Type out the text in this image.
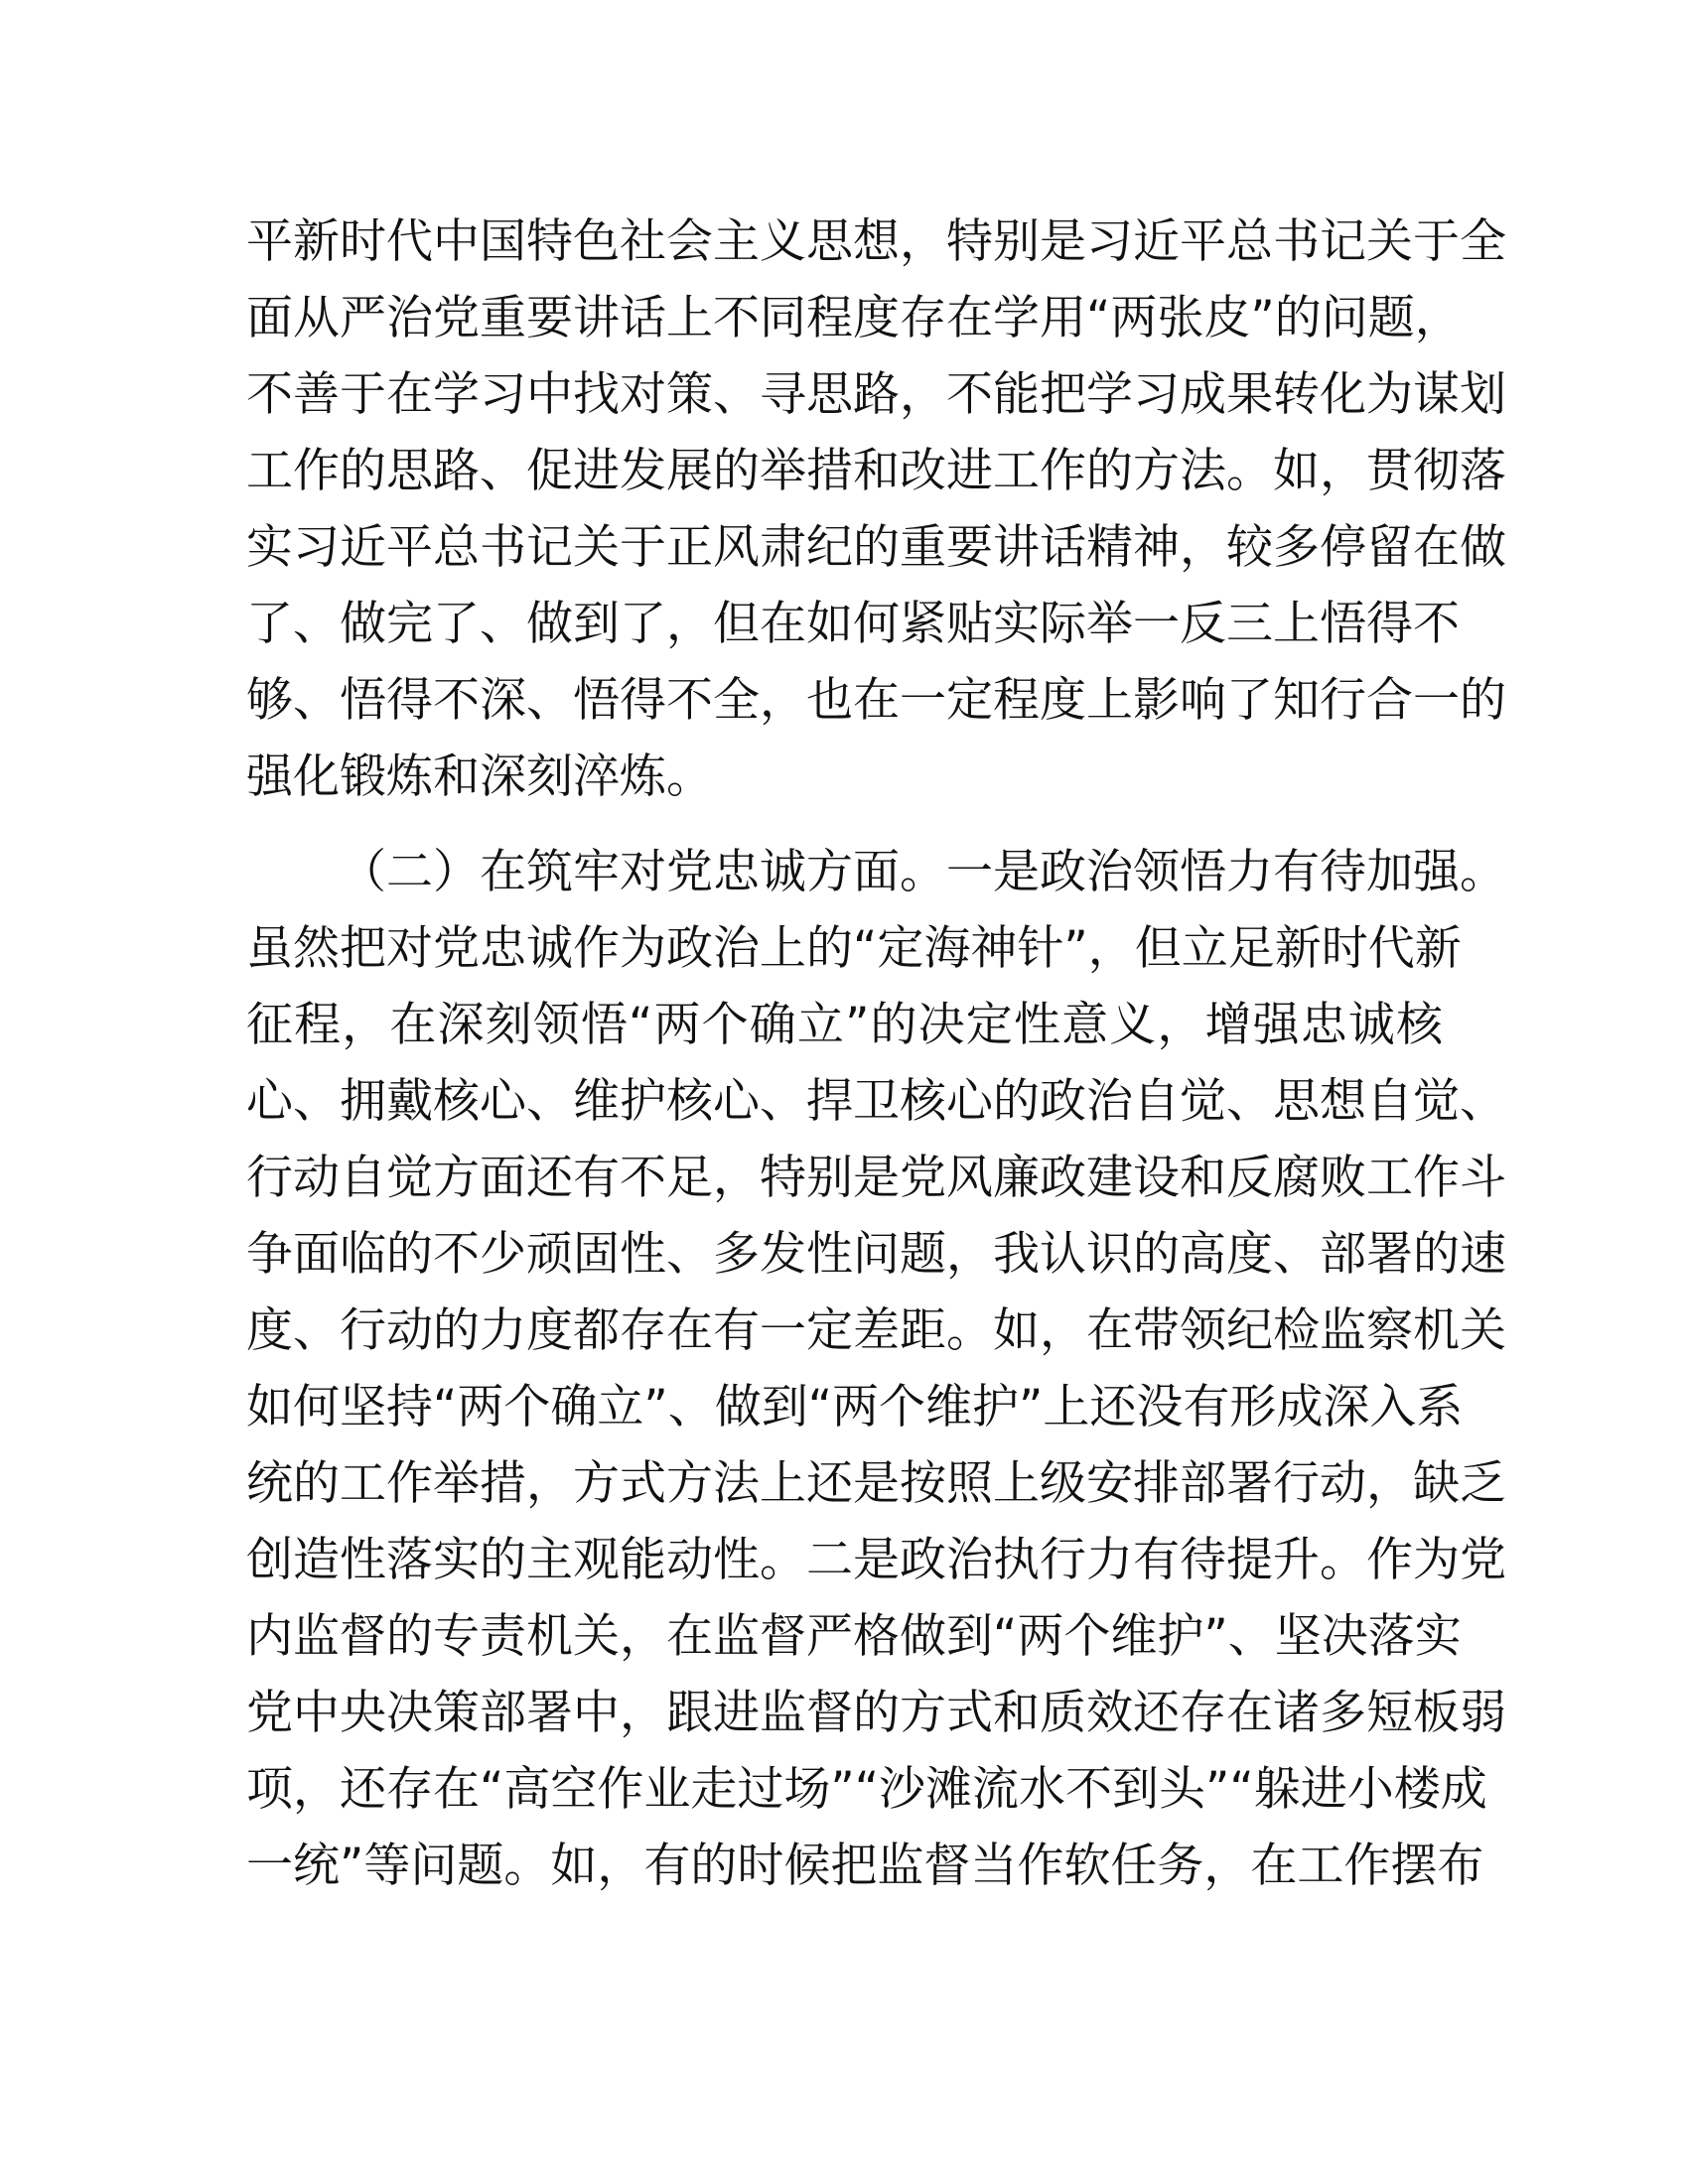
平新时代中国特色社会主义思想，特别是习近平总书记关于全
面从严治党重要讲话上不同程度存在学用“两张皮”的问题，
不善于在学习中找对策、寻思路，不能把学习成果转化为谋划
工作的思路、促进发展的举措和改进工作的方法。如，贯彻落
实习近平总书记关于正风肃纪的重要讲话精神，较多停留在做
了、做完了、做到了，但在如何紧贴实际举一反三上悟得不
够、悟得不深、悟得不全，也在一定程度上影响了知行合一的
强化锻炼和深刻淬炼。
（二）在筑牢对党忠诚方面。一是政治领悟力有待加强。
虽然把对党忠诚作为政治上的“定海神针”，但立足新时代新
征程，在深刻领悟“两个确立”的决定性意义，增强忠诚核
心、拥戴核心、维护核心、捍卫核心的政治自觉、思想自觉、
行动自觉方面还有不足，特别是党风廉政建设和反腐败工作斗
争面临的不少顽固性、多发性问题，我认识的高度、部署的速
度、行动的力度都存在有一定差距。如，在带领纪检监察机关
如何坚持“两个确立”、做到“两个维护”上还没有形成深入系
统的工作举措，方式方法上还是按照上级安排部署行动，缺乏
创造性落实的主观能动性。二是政治执行力有待提升。作为党
内监督的专责机关，在监督严格做到“两个维护”、坚决落实
党中央决策部署中，跟进监督的方式和质效还存在诸多短板弱
项，还存在“高空作业走过场”“沙滩流水不到头”“躲进小楼成
一统”等问题。如，有的时候把监督当作软任务，在工作摆布
